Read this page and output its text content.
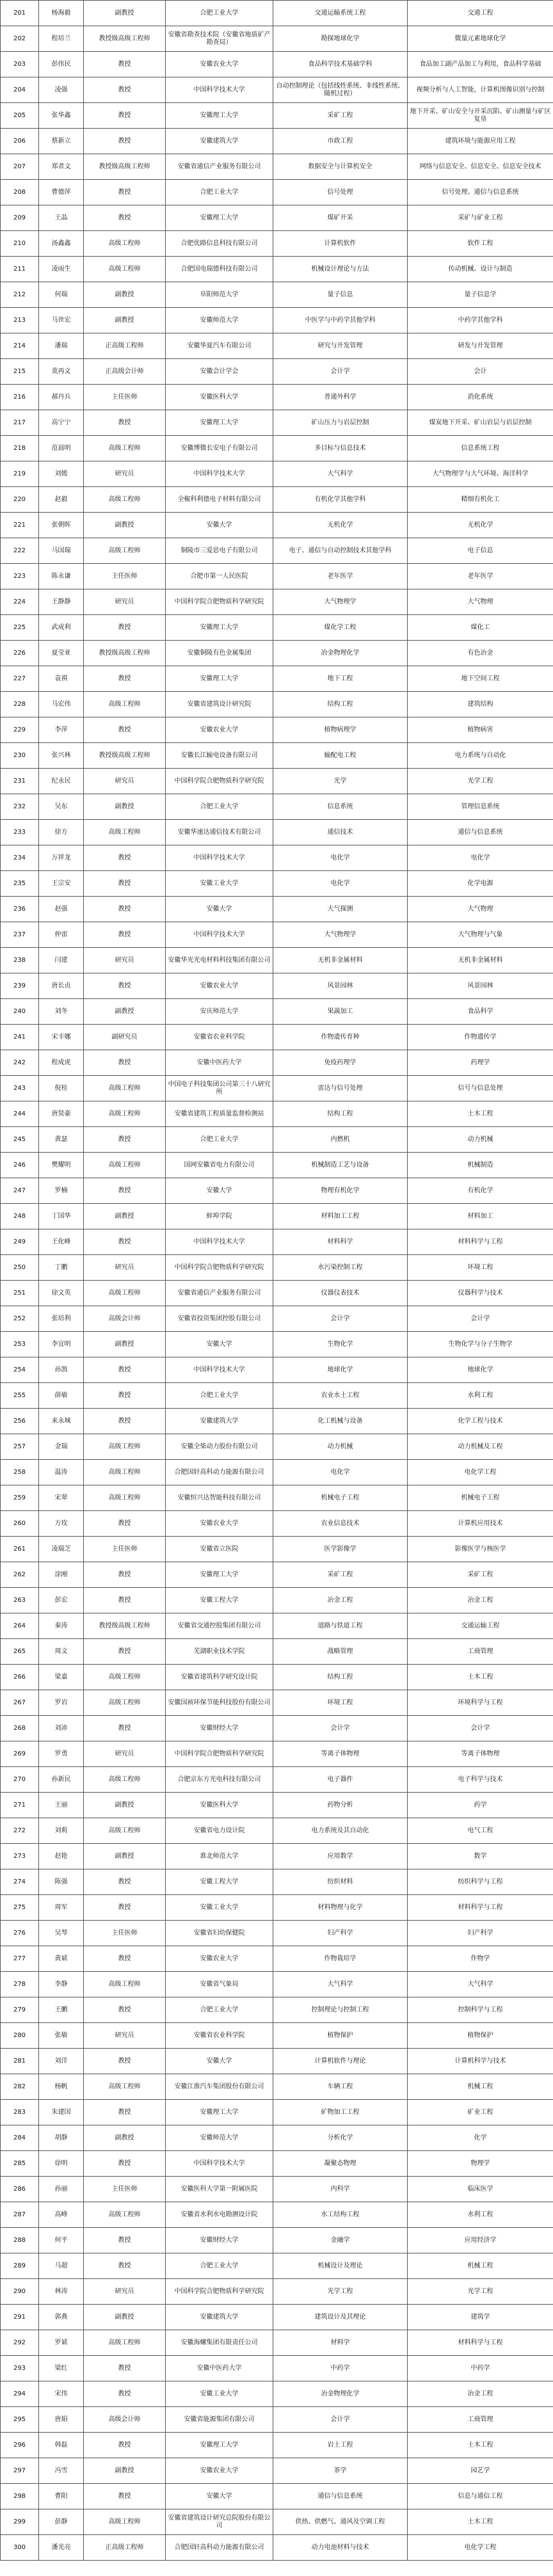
201	杨海毅	副教授	合肥工业大学	交通运输系统工程	交通工程
202	程培兰	教授级高级工程师	安徽省勘查技术院（安徽省地质矿产勘查局）	勘探地球化学	微量元素地球化学
203	彭伟民	教授	安徽农业大学	食品科学技术基础学科	食品加工副产品加工与利用，食品科学基础
204	凌强	教授	中国科学技术大学	自动控制理论（包括线性系统、非线性系统、随机过程）	视频分析与人工智能，计算机图像识别与控制
205	张华鑫	教授	安徽理工大学	采矿工程	地下开采、矿山安全与开采沉陷、矿山测量与矿区复垦
206	蔡新立	教授	安徽建筑大学	市政工程	建筑环境与能源应用工程
207	郑者文	教授级高级工程师	安徽省通信产业服务有限公司	数据安全与计算机安全	网络与信息安全、信息安全、信息安全技术
208	曹德萍	教授	合肥工业大学	信号处理	信号处理、通信与信息系统
209	王晶	教授	安徽理工大学	煤矿开采	采矿与矿业工程
210	汤鑫鑫	高级工程师	合肥优路信息科技有限公司	计算机软件	软件工程
211	凌雨生	高级工程师	合肥国电瑞德科技有限公司	机械设计理论与方法	传动机械、设计与制造
212	何瑞	副教授	阜阳师范大学	量子信息	量子信息学
213	马世宏	副教授	安徽师范大学	中医学与中药学其他学科	中药学其他学科
214	潘瑞	正高级工程师	安徽华夏汽车有限公司	研究与开发管理	研发与开发管理
215	莫再文	正高级会计师	安徽会计学会	会计学	会计
216	郝丹兵	主任医师	安徽医科大学	普通外科学	消化系统
217	高宁宁	教授	安徽理工大学	矿山压力与岩层控制	煤炭地下开采、矿山岩层与岩层控制
218	范晨明	高级工程师	安徽博微长安电子有限公司	多目标与信息技术	信息系统工程
219	刘媛	研究员	中国科学技术大学	大气科学	大气物理学与大气环境、海洋科学
220	赵毅	高级工程师	全椒科利德电子材料有限公司	有机化学其他学科	精细有机化工
221	张朝晖	副教授	安徽大学	无机化学	无机化学
222	马国瑞	高级工程师	铜陵市三爱思电子有限公司	电子、通信与自动控制技术其他学科	电子信息
223	陈永谦	主任医师	合肥市第一人民医院	老年医学	老年医学
224	王静静	研究员	中国科学院合肥物质科学研究院	大气物理学	大气物理
225	武成利	教授	安徽理工大学	煤化学工程	煤化工
226	夏莹亚	教授级高级工程师	安徽铜陵有色金属集团	冶金物理化学	有色冶金
227	袁祺	教授	安徽理工大学	地下工程	地下空间工程
228	马宏伟	高级工程师	安徽省建筑设计研究院	结构工程	建筑结构
229	李萍	教授	安徽农业大学	植物病理学	植物病害
230	张兴林	教授级高级工程师	安徽长江输电设备有限公司	输配电工程	电力系统与自动化
231	纪永民	研究员	中国科学院合肥物质科学研究院	光学	光学工程
232	吴东	副教授	合肥工业大学	信息系统	管理信息系统
233	徐方	高级工程师	安徽华速达通信技术有限公司	通信技术	通信与信息系统
234	万祥龙	教授	中国科学技术大学	电化学	电化学
235	王宗安	教授	安徽工业大学	电化学	化学电源
236	赵强	教授	安徽大学	大气探测	大气物理
237	仲雷	教授	中国科学技术大学	大气物理学	大气物理与气象
238	闫建	研究员	安徽华光光电材料科技集团有限公司	无机非金属材料	无机非金属材料
239	唐长贞	教授	安徽农业大学	风景园林	风景园林
240	刘冬	副教授	安庆师范大学	果蔬加工	食品科学
241	宋丰娜	副研究员	安徽省农业科学院	作物遗传育种	作物遗传学
242	程成虎	教授	安徽中医药大学	免疫药理学	药理学
243	倪桂	高级工程师	中国电子科技集团公司第三十八研究所	雷达与信号处理	信号与信息处理
244	唐贤豪	高级工程师	安徽省建筑工程质量监督检测站	结构工程	土木工程
245	黄瑟	教授	合肥工业大学	内燃机	动力机械
246	樊耀明	高级工程师	国网安徽省电力有限公司	机械制造工艺与设备	机械制造
247	罗楠	教授	安徽大学	物理有机化学	有机化学
248	丁国华	副教授	蚌埠学院	材料加工工程	材料加工
249	王化峰	教授	中国科学技术大学	材料科学	材料科学与工程
250	丁鹏	研究员	中国科学院合肥物质科学研究院	水污染控制工程	环境工程
251	徐文英	高级工程师	安徽省通信产业服务有限公司	仪器仪表技术	仪器科学与技术
252	张培利	高级会计师	安徽省投资集团控股有限公司	会计学	会计学
253	李宜明	副教授	安徽大学	生物化学	生物化学与分子生物学
254	孙凯	教授	中国科学技术大学	地球化学	地球化学
255	薛敏	教授	合肥工业大学	农业水土工程	水利工程
256	来永城	教授	安徽建筑大学	化工机械与设备	化学工程与技术
257	金瑞	高级工程师	安徽全柴动力股份有限公司	动力机械	动力机械及工程
258	温涛	高级工程师	合肥国轩高科动力能源有限公司	电化学	电化学工程
259	宋翠	高级工程师	安徽恒兴达智能科技有限公司	机械电子工程	机械电子工程
260	方玫	教授	安徽农业大学	农业信息技术	计算机应用技术
261	凌瑞芝	主任医师	安徽省立医院	医学影像学	影像医学与核医学
262	涂刚	教授	安徽理工大学	采矿工程	采矿工程
263	彭宏	教授	安徽工程大学	冶金工程	冶金工程
264	秦涛	教授级高级工程师	安徽省交通控股集团有限公司	道路与铁道工程	交通运输工程
265	周文	教授	芜湖职业技术学院	战略管理	工商管理
266	梁嘉	高级工程师	安徽省建筑科学研究设计院	结构工程	土木工程
267	罗岩	高级工程师	安徽国祯环保节能科技股份有限公司	环境工程	环境科学与工程
268	刘沛	教授	安徽财经大学	会计学	会计学
269	罗勇	研究员	中国科学院合肥物质科学研究院	等离子体物理	等离子体物理
270	孙新民	高级工程师	合肥京东方光电科技有限公司	电子器件	电子科学与技术
271	王丽	副教授	安徽医科大学	药物分析	药学
272	刘莉	高级工程师	安徽省电力设计院	电力系统及其自动化	电气工程
273	赵艳	副教授	淮北师范大学	应用数学	数学
274	陈强	教授	安徽工程大学	纺织材料	纺织科学与工程
275	周军	教授	安徽工业大学	材料物理与化学	材料科学与工程
276	吴琴	主任医师	安徽省妇幼保健院	妇产科学	妇产科学
277	黄斌	教授	安徽农业大学	作物栽培学	作物学
278	李静	高级工程师	安徽省气象局	大气科学	大气科学
279	王鹏	教授	合肥工业大学	控制理论与控制工程	控制科学与工程
280	张敏	研究员	安徽省农业科学院	植物保护	植物保护
281	刘洋	教授	安徽大学	计算机软件与理论	计算机科学与技术
282	杨帆	高级工程师	安徽江淮汽车集团股份有限公司	车辆工程	机械工程
283	朱建国	教授	安徽理工大学	矿物加工工程	矿业工程
284	胡静	副教授	安徽师范大学	分析化学	化学
285	徐明	教授	中国科学技术大学	凝聚态物理	物理学
286	孙丽	主任医师	安徽医科大学第一附属医院	内科学	临床医学
287	高峰	高级工程师	安徽省水利水电勘测设计院	水工结构工程	水利工程
288	何平	教授	安徽财经大学	金融学	应用经济学
289	马超	教授	合肥工业大学	机械设计及理论	机械工程
290	林涛	研究员	中国科学院合肥物质科学研究院	光学工程	光学工程
291	郭燕	副教授	安徽建筑大学	建筑设计及其理论	建筑学
292	罗斌	高级工程师	安徽海螺集团有限责任公司	材料学	材料科学与工程
293	梁红	教授	安徽中医药大学	中药学	中药学
294	宋伟	教授	安徽工业大学	冶金物理化学	冶金工程
295	唐娟	高级会计师	安徽省能源集团有限公司	会计学	工商管理
296	韩磊	教授	安徽理工大学	岩土工程	土木工程
297	冯雪	副教授	安徽农业大学	茶学	园艺学
298	曹阳	教授	安徽大学	通信与信息系统	信息与通信工程
299	彭静	高级工程师	安徽省建筑设计研究总院股份有限公司	供热、供燃气、通风及空调工程	土木工程
300	潘光亮	正高级工程师	合肥国轩高科动力能源有限公司	动力电池材料与技术	电化学工程
